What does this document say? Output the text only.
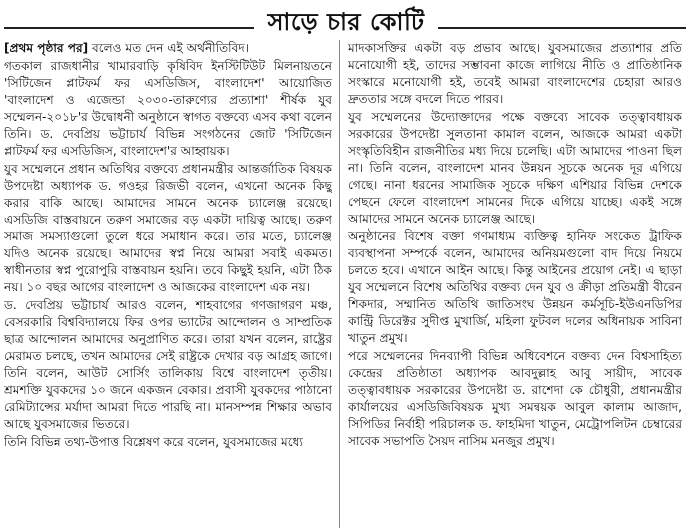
সাড়ে চার কোটি

[প্রথম পৃষ্ঠার পর] বলেও মত দেন এই অর্থনীতিবিদ।

গতকাল রাজধানীর খামারবাড়ি কৃষিবিদ ইনস্টিটিউট মিলনায়তনে 'সিটিজেন প্লাটফর্ম ফর এসডিজিস, বাংলাদেশ' আয়োজিত 'বাংলাদেশ ও এজেন্ডা ২০৩০-তারুণ্যের প্রত্যাশা' শীর্ষক যুব সম্মেলন-২০১৮'র উদ্বোধনী অনুষ্ঠানে স্বাগত বক্তব্যে এসব কথা বলেন তিনি। ড. দেবপ্রিয় ভট্টাচার্য বিভিন্ন সংগঠনের জোট 'সিটিজেন প্লাটফর্ম ফর এসডিজিস, বাংলাদেশ'র আহ্বায়ক।

যুব সম্মেলনে প্রধান অতিথির বক্তব্যে প্রধানমন্ত্রীর আন্তর্জাতিক বিষয়ক উপদেষ্টা অধ্যাপক ড. গওহর রিজভী বলেন, এখনো অনেক কিছু করার বাকি আছে। আমাদের সামনে অনেক চ্যালেঞ্জ রয়েছে। এসডিজি বাস্তবায়নে তরুণ সমাজের বড় একটা দায়িত্ব আছে। তরুণ সমাজ সমস্যাগুলো তুলে ধরে সমাধান করে। তার মতে, চ্যালেঞ্জ যদিও অনেক রয়েছে। আমাদের স্বপ্ন নিয়ে আমরা সবাই একমত। স্বাধীনতার স্বপ্ন পুরোপুরি বাস্তবায়ন হয়নি। তবে কিছুই হয়নি, এটা ঠিক নয়। ১০ বছর আগের বাংলাদেশ ও আজকের বাংলাদেশ এক নয়।

ড. দেবপ্রিয় ভট্টাচার্য আরও বলেন, শাহবাগের গণজাগরণ মঞ্চ, বেসরকারি বিশ্ববিদ্যালয়ে ফির ওপর ভ্যাটের আন্দোলন ও সাম্প্রতিক ছাত্র আন্দোলন আমাদের অনুপ্রাণিত করে। তারা যখন বলেন, রাষ্ট্রের মেরামত চলছে, তখন আমাদের সেই রাষ্ট্রকে দেখার বড় আগ্রহ জাগে। তিনি বলেন, আউট সোর্সিং তালিকায় বিশ্বে বাংলাদেশ তৃতীয়। শ্রমশক্তি যুবকদের ১০ জনে একজন বেকার। প্রবাসী যুবকদের পাঠানো রেমিট্যান্সের মর্যাদা আমরা দিতে পারছি না। মানসম্পন্ন শিক্ষার অভাব আছে যুবসমাজের ভিতরে।

তিনি বিভিন্ন তথ্য-উপাত্ত বিশ্লেষণ করে বলেন, যুবসমাজের মধ্যে

মাদকাসক্তির একটা বড় প্রভাব আছে। যুবসমাজের প্রত্যাশার প্রতি মনোযোগী হই, তাদের সম্ভাবনা কাজে লাগিয়ে নীতি ও প্রাতিষ্ঠানিক সংস্কারে মনোযোগী হই, তবেই আমরা বাংলাদেশের চেহারা আরও দ্রুততার সঙ্গে বদলে দিতে পারব।

যুব সম্মেলনের উদ্যোক্তাদের পক্ষে বক্তব্যে সাবেক তত্ত্বাবধায়ক সরকারের উপদেষ্টা সুলতানা কামাল বলেন, আজকে আমরা একটা সংস্কৃতিবিহীন রাজনীতির মধ্য দিয়ে চলেছি। এটা আমাদের পাওনা ছিল না। তিনি বলেন, বাংলাদেশ মানব উন্নয়ন সূচকে অনেক দূর এগিয়ে গেছে। নানা ধরনের সামাজিক সূচকে দক্ষিণ এশিয়ার বিভিন্ন দেশকে পেছনে ফেলে বাংলাদেশ সামনের দিকে এগিয়ে যাচ্ছে। একই সঙ্গে আমাদের সামনে অনেক চ্যালেঞ্জ আছে।

অনুষ্ঠানের বিশেষ বক্তা গণমাধ্যম ব্যক্তিত্ব হানিফ সংকেত ট্রাফিক ব্যবস্থাপনা সম্পর্কে বলেন, আমাদের অনিয়মগুলো বাদ দিয়ে নিয়মে চলতে হবে। এখানে আইন আছে। কিন্তু আইনের প্রয়োগ নেই। এ ছাড়া যুব সম্মেলনে বিশেষ অতিথির বক্তব্য দেন যুব ও ক্রীড়া প্রতিমন্ত্রী বীরেন শিকদার, সম্মানিত অতিথি জাতিসংঘ উন্নয়ন কর্মসূচি-ইউএনডিপির কান্ট্রি ডিরেক্টর সুদীপ্ত মুখার্জি, মহিলা ফুটবল দলের অধিনায়ক সাবিনা খাতুন প্রমুখ।

পরে সম্মেলনের দিনব্যাপী বিভিন্ন অধিবেশনে বক্তব্য দেন বিশ্বসাহিত্য কেন্দ্রের প্রতিষ্ঠাতা অধ্যাপক আবদুল্লাহ আবু সায়ীদ, সাবেক তত্ত্বাবধায়ক সরকারের উপদেষ্টা ড. রাশেদা কে চৌধুরী, প্রধানমন্ত্রীর কার্যালয়ের এসডিজিবিষয়ক মুখ্য সমন্বয়ক আবুল কালাম আজাদ, সিপিডির নির্বাহী পরিচালক ড. ফাহমিদা খাতুন, মেট্রোপলিটন চেম্বারের সাবেক সভাপতি সৈয়দ নাসিম মনজুর প্রমুখ।
